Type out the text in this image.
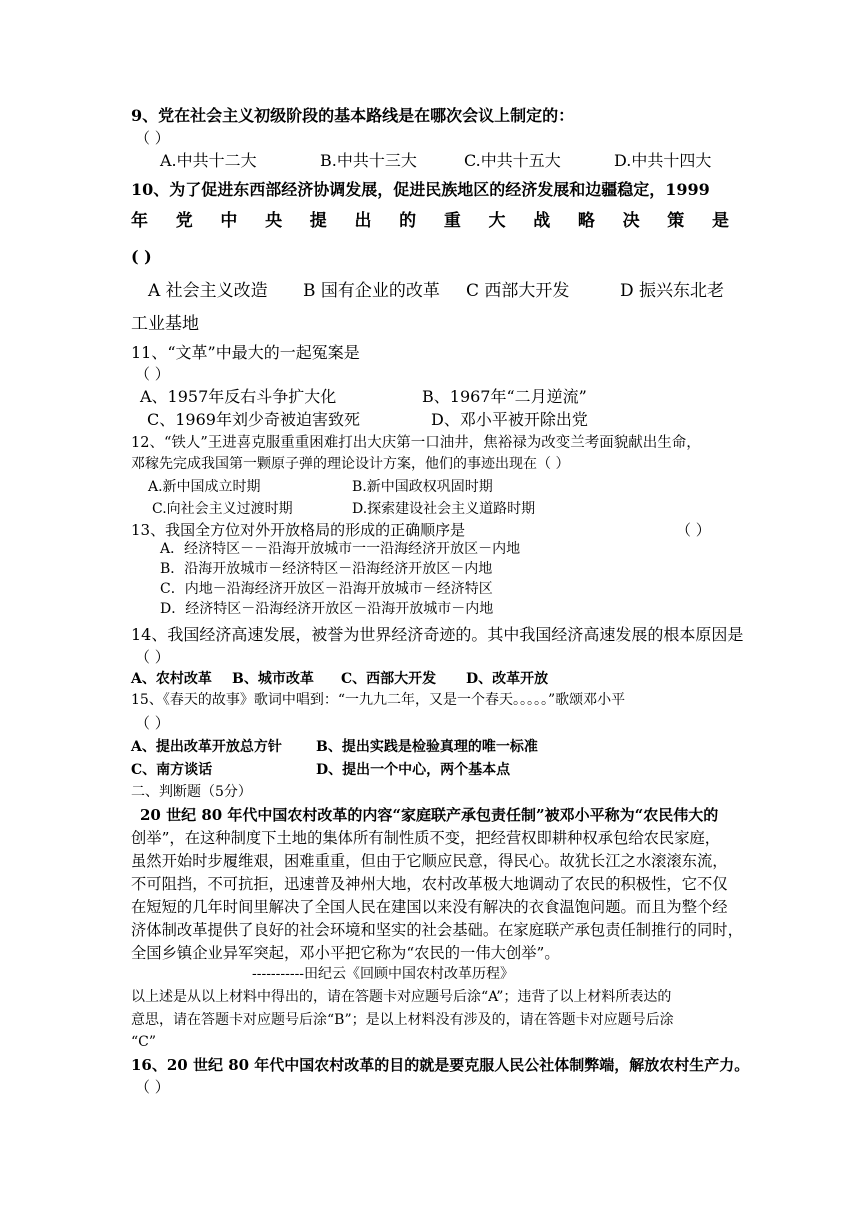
9、党在社会主义初级阶段的基本路线是在哪次会议上制定的：
（ ）
A.中共十二大	B.中共十三大	C.中共十五大	D.中共十四大
10、为了促进东西部经济协调发展，促进民族地区的经济发展和边疆稳定，1999
年 党 中 央 提 出 的 重 大 战 略 决 策 是
( )
A 社会主义改造 B 国有企业的改革 C 西部大开发	D 振兴东北老
工业基地
11、“文革”中最大的一起冤案是
（ ）
A、1957年反右斗争扩大化	B、1967年“二月逆流”
C、1969年刘少奇被迫害致死	D、邓小平被开除出党
12、“铁人”王进喜克服重重困难打出大庆第一口油井，焦裕禄为改变兰考面貌献出生命，
邓稼先完成我国第一颗原子弹的理论设计方案，他们的事迹出现在（ ）
A.新中国成立时期	B.新中国政权巩固时期
C.向社会主义过渡时期	D.探索建设社会主义道路时期
13、我国全方位对外开放格局的形成的正确顺序是	（ ）
A．经济特区－－沿海开放城市一一沿海经济开放区－内地
B．沿海开放城市－经济特区－沿海经济开放区－内地
C．内地－沿海经济开放区－沿海开放城市－经济特区
D．经济特区－沿海经济开放区－沿海开放城市－内地
14、我国经济高速发展，被誉为世界经济奇迹的。其中我国经济高速发展的根本原因是
（ ）
A、农村改革 B、城市改革 C、西部大开发 D、改革开放
15、《春天的故事》歌词中唱到：“一九九二年，又是一个春天。。。。。”歌颂邓小平
（ ）
A、提出改革开放总方针 B、提出实践是检验真理的唯一标准
C、南方谈话	D、提出一个中心，两个基本点
二、判断题（5分）
20 世纪 80 年代中国农村改革的内容“家庭联产承包责任制”被邓小平称为“农民伟大的
创举”，在这种制度下土地的集体所有制性质不变，把经营权即耕种权承包给农民家庭，
虽然开始时步履维艰，困难重重，但由于它顺应民意，得民心。故犹长江之水滚滚东流，
不可阻挡，不可抗拒，迅速普及神州大地，农村改革极大地调动了农民的积极性，它不仅
在短短的几年时间里解决了全国人民在建国以来没有解决的衣食温饱问题。而且为整个经
济体制改革提供了良好的社会环境和坚实的社会基础。在家庭联产承包责任制推行的同时，
全国乡镇企业异军突起，邓小平把它称为“农民的一伟大创举”。
-----------田纪云《回顾中国农村改革历程》
以上述是从以上材料中得出的，请在答题卡对应题号后涂“A”；违背了以上材料所表达的
意思，请在答题卡对应题号后涂“B”；是以上材料没有涉及的，请在答题卡对应题号后涂
“C”
16、20 世纪 80 年代中国农村改革的目的就是要克服人民公社体制弊端，解放农村生产力。
（ ）
